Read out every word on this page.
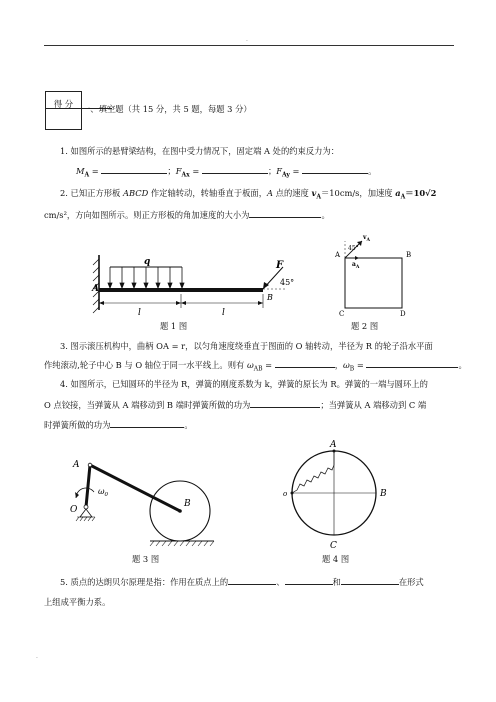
.
得 分	一、填空题（共 15 分，共 5 题，每题 3 分）
1. 如图所示的悬臂梁结构，在图中受力情况下，固定端 A 处的约束反力为：
$M_A$ =	；$F_{Ax}$ =	；$F_{Ay}$ =	。
2. 已知正方形板 ABCD 作定轴转动，转轴垂直于板面，A 点的速度 $v_A=10cm/s$，加速度 $a_A=10√2$
cm/s²，方向如图所示。则正方形板的角加速度的大小为	。
q	F
45°
A
B
l	l
题 1 图
$v_A$
45°
$a_A$
A	B
C	D
题 2 图
3. 图示滚压机构中，曲柄 OA = r，以匀角速度绕垂直于图面的 O 轴转动，半径为 R 的轮子沿水平面
作纯滚动,轮子中心 B 与 O 轴位于同一水平线上。则有 $\omega_{AB}$ =	，$\omega_B$ =	。
4. 如图所示，已知圆环的半径为 R，弹簧的刚度系数为 k，弹簧的原长为 R。弹簧的一端与圆环上的
O 点铰接，当弹簧从 A 端移动到 B 端时弹簧所做的功为	；当弹簧从 A 端移动到 C 端
时弹簧所做的功为	。
$\omega_0$
A
B
O
题 3 图
A
B
C
o
题 4 图
5. 质点的达朗贝尔原理是指：作用在质点上的	、	和	在形式
上组成平衡力系。
.
